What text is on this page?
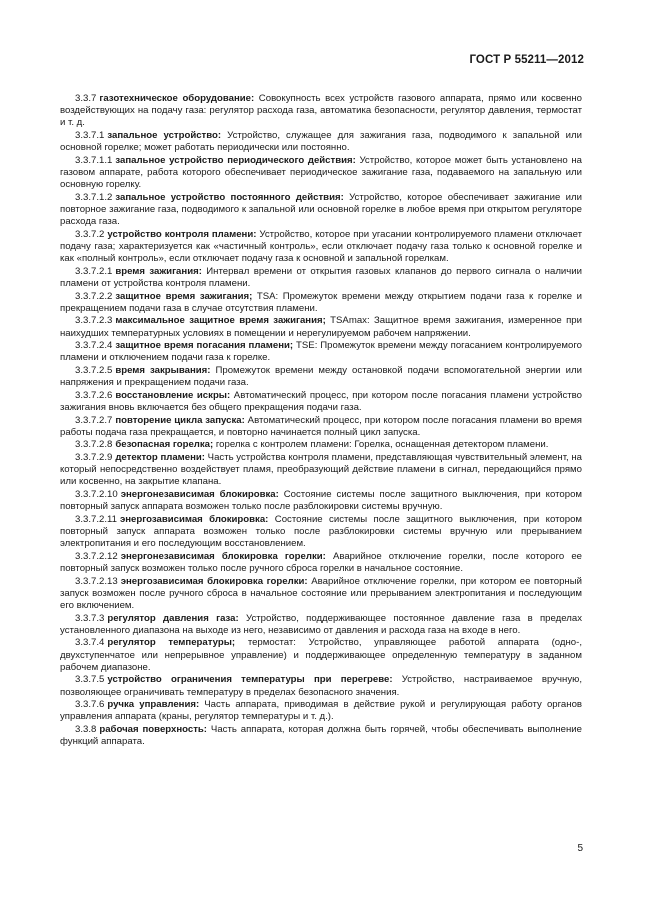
ГОСТ Р 55211—2012

3.3.7 газотехническое оборудование: Совокупность всех устройств газового аппарата, прямо или косвенно воздействующих на подачу газа: регулятор расхода газа, автоматика безопасности, регулятор давления, термостат и т. д.

3.3.7.1 запальное устройство: Устройство, служащее для зажигания газа, подводимого к запальной или основной горелке; может работать периодически или постоянно.

3.3.7.1.1 запальное устройство периодического действия: Устройство, которое может быть установлено на газовом аппарате, работа которого обеспечивает периодическое зажигание газа, подаваемого на запальную или основную горелку.

3.3.7.1.2 запальное устройство постоянного действия: Устройство, которое обеспечивает зажигание или повторное зажигание газа, подводимого к запальной или основной горелке в любое время при открытом регуляторе расхода газа.

3.3.7.2 устройство контроля пламени: Устройство, которое при угасании контролируемого пламени отключает подачу газа; характеризуется как «частичный контроль», если отключает подачу газа только к основной горелке и как «полный контроль», если отключает подачу газа к основной и запальной горелкам.

3.3.7.2.1 время зажигания: Интервал времени от открытия газовых клапанов до первого сигнала о наличии пламени от устройства контроля пламени.

3.3.7.2.2 защитное время зажигания; TSA: Промежуток времени между открытием подачи газа к горелке и прекращением подачи газа в случае отсутствия пламени.

3.3.7.2.3 максимальное защитное время зажигания; TSAmax: Защитное время зажигания, измеренное при наихудших температурных условиях в помещении и нерегулируемом рабочем напряжении.

3.3.7.2.4 защитное время погасания пламени; TSE: Промежуток времени между погасанием контролируемого пламени и отключением подачи газа к горелке.

3.3.7.2.5 время закрывания: Промежуток времени между остановкой подачи вспомогательной энергии или напряжения и прекращением подачи газа.

3.3.7.2.6 восстановление искры: Автоматический процесс, при котором после погасания пламени устройство зажигания вновь включается без общего прекращения подачи газа.

3.3.7.2.7 повторение цикла запуска: Автоматический процесс, при котором после погасания пламени во время работы подача газа прекращается, и повторно начинается полный цикл запуска.

3.3.7.2.8 безопасная горелка; горелка с контролем пламени: Горелка, оснащенная детектором пламени.

3.3.7.2.9 детектор пламени: Часть устройства контроля пламени, представляющая чувствительный элемент, на который непосредственно воздействует пламя, преобразующий действие пламени в сигнал, передающийся прямо или косвенно, на закрытие клапана.

3.3.7.2.10 энергонезависимая блокировка: Состояние системы после защитного выключения, при котором повторный запуск аппарата возможен только после разблокировки системы вручную.

3.3.7.2.11 энергозависимая блокировка: Состояние системы после защитного выключения, при котором повторный запуск аппарата возможен только после разблокировки системы вручную или прерыванием электропитания и его последующим восстановлением.

3.3.7.2.12 энергонезависимая блокировка горелки: Аварийное отключение горелки, после которого ее повторный запуск возможен только после ручного сброса горелки в начальное состояние.

3.3.7.2.13 энергозависимая блокировка горелки: Аварийное отключение горелки, при котором ее повторный запуск возможен после ручного сброса в начальное состояние или прерыванием электропитания и последующим его включением.

3.3.7.3 регулятор давления газа: Устройство, поддерживающее постоянное давление газа в пределах установленного диапазона на выходе из него, независимо от давления и расхода газа на входе в него.

3.3.7.4 регулятор температуры; термостат: Устройство, управляющее работой аппарата (одно-, двухступенчатое или непрерывное управление) и поддерживающее определенную температуру в заданном рабочем диапазоне.

3.3.7.5 устройство ограничения температуры при перегреве: Устройство, настраиваемое вручную, позволяющее ограничивать температуру в пределах безопасного значения.

3.3.7.6 ручка управления: Часть аппарата, приводимая в действие рукой и регулирующая работу органов управления аппарата (краны, регулятор температуры и т. д.).

3.3.8 рабочая поверхность: Часть аппарата, которая должна быть горячей, чтобы обеспечивать выполнение функций аппарата.

5
